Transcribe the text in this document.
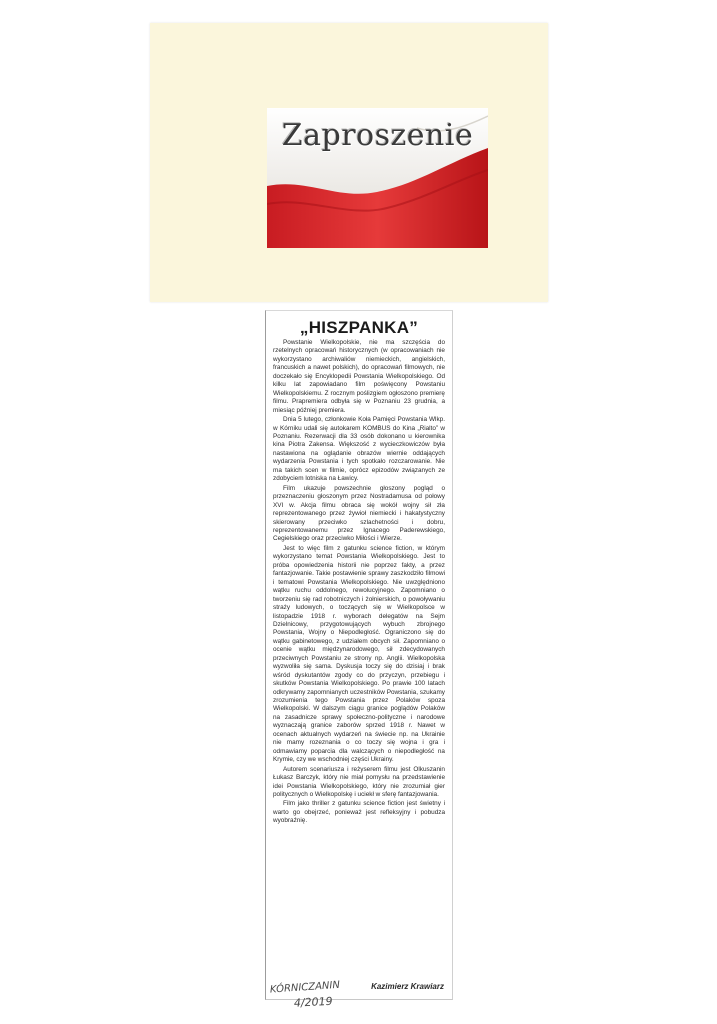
Zaproszenie
„HISZPANKA”

Powstanie Wielkopolskie, nie ma szczęścia do rzetelnych opracowań historycznych (w opracowaniach nie wykorzystano archiwaliów niemieckich, angielskich, francuskich a nawet polskich), do opracowań filmowych, nie doczekało się Encyklopedii Powstania Wielkopolskiego. Od kilku lat zapowiadano film poświęcony Powstaniu Wielkopolskiemu. Z rocznym poślizgiem ogłoszono premierę filmu. Prapremiera odbyła się w Poznaniu 23 grudnia, a miesiąc później premiera.

Dnia 5 lutego, członkowie Koła Pamięci Powstania Wlkp. w Kórniku udali się autokarem KOMBUS do Kina „Rialto” w Poznaniu. Rezerwacji dla 33 osób dokonano u kierownika kina Piotra Zakensa. Większość z wycieczkowiczów była nastawiona na oglądanie obrazów wiernie oddających wydarzenia Powstania i tych spotkało rozczarowanie. Nie ma takich scen w filmie, oprócz epizodów związanych ze zdobyciem lotniska na Ławicy.

Film ukazuje powszechnie głoszony pogląd o przeznaczeniu głoszonym przez Nostradamusa od połowy XVI w. Akcja filmu obraca się wokół wojny sił zła reprezentowanego przez żywioł niemiecki i hakatystyczny skierowany przeciwko szlachetności i dobru, reprezentowanemu przez Ignacego Paderewskiego, Cegielskiego oraz przeciwko Miłości i Wierze.

Jest to więc film z gatunku science fiction, w którym wykorzystano temat Powstania Wielkopolskiego. Jest to próba opowiedzenia historii nie poprzez fakty, a przez fantazjowanie. Takie postawienie sprawy zaszkodziło filmowi i tematowi Powstania Wielkopolskiego. Nie uwzględniono wątku ruchu oddolnego, rewolucyjnego. Zapomniano o tworzeniu się rad robotniczych i żołnierskich, o powoływaniu straży ludowych, o toczących się w Wielkopolsce w listopadzie 1918 r. wyborach delegatów na Sejm Dzielnicowy, przygotowujących wybuch zbrojnego Powstania, Wojny o Niepodległość. Ograniczono się do wątku gabinetowego, z udziałem obcych sił. Zapomniano o ocenie wątku międzynarodowego, sił zdecydowanych przeciwnych Powstaniu ze strony np. Anglii. Wielkopolska wyzwoliła się sama. Dyskusja toczy się do dzisiaj i brak wśród dyskutantów zgody co do przyczyn, przebiegu i skutków Powstania Wielkopolskiego. Po prawie 100 latach odkrywamy zapomnianych uczestników Powstania, szukamy zrozumienia tego Powstania przez Polaków spoza Wielkopolski. W dalszym ciągu granice poglądów Polaków na zasadnicze sprawy społeczno-polityczne i narodowe wyznaczają granice zaborów sprzed 1918 r. Nawet w ocenach aktualnych wydarzeń na świecie np. na Ukrainie nie mamy rozeznania o co toczy się wojna i gra i odmawiamy poparcia dla walczących o niepodległość na Krymie, czy we wschodniej części Ukrainy.

Autorem scenariusza i reżyserem filmu jest Olkuszanin Łukasz Barczyk, który nie miał pomysłu na przedstawienie idei Powstania Wielkopolskiego, który nie zrozumiał gier politycznych o Wielkopolskę i uciekł w sferę fantazjowania.

Film jako thriller z gatunku science fiction jest świetny i warto go obejrzeć, ponieważ jest refleksyjny i pobudza wyobraźnię.

Kazimierz Krawiarz
KÓRNICZANIN
4/2019
